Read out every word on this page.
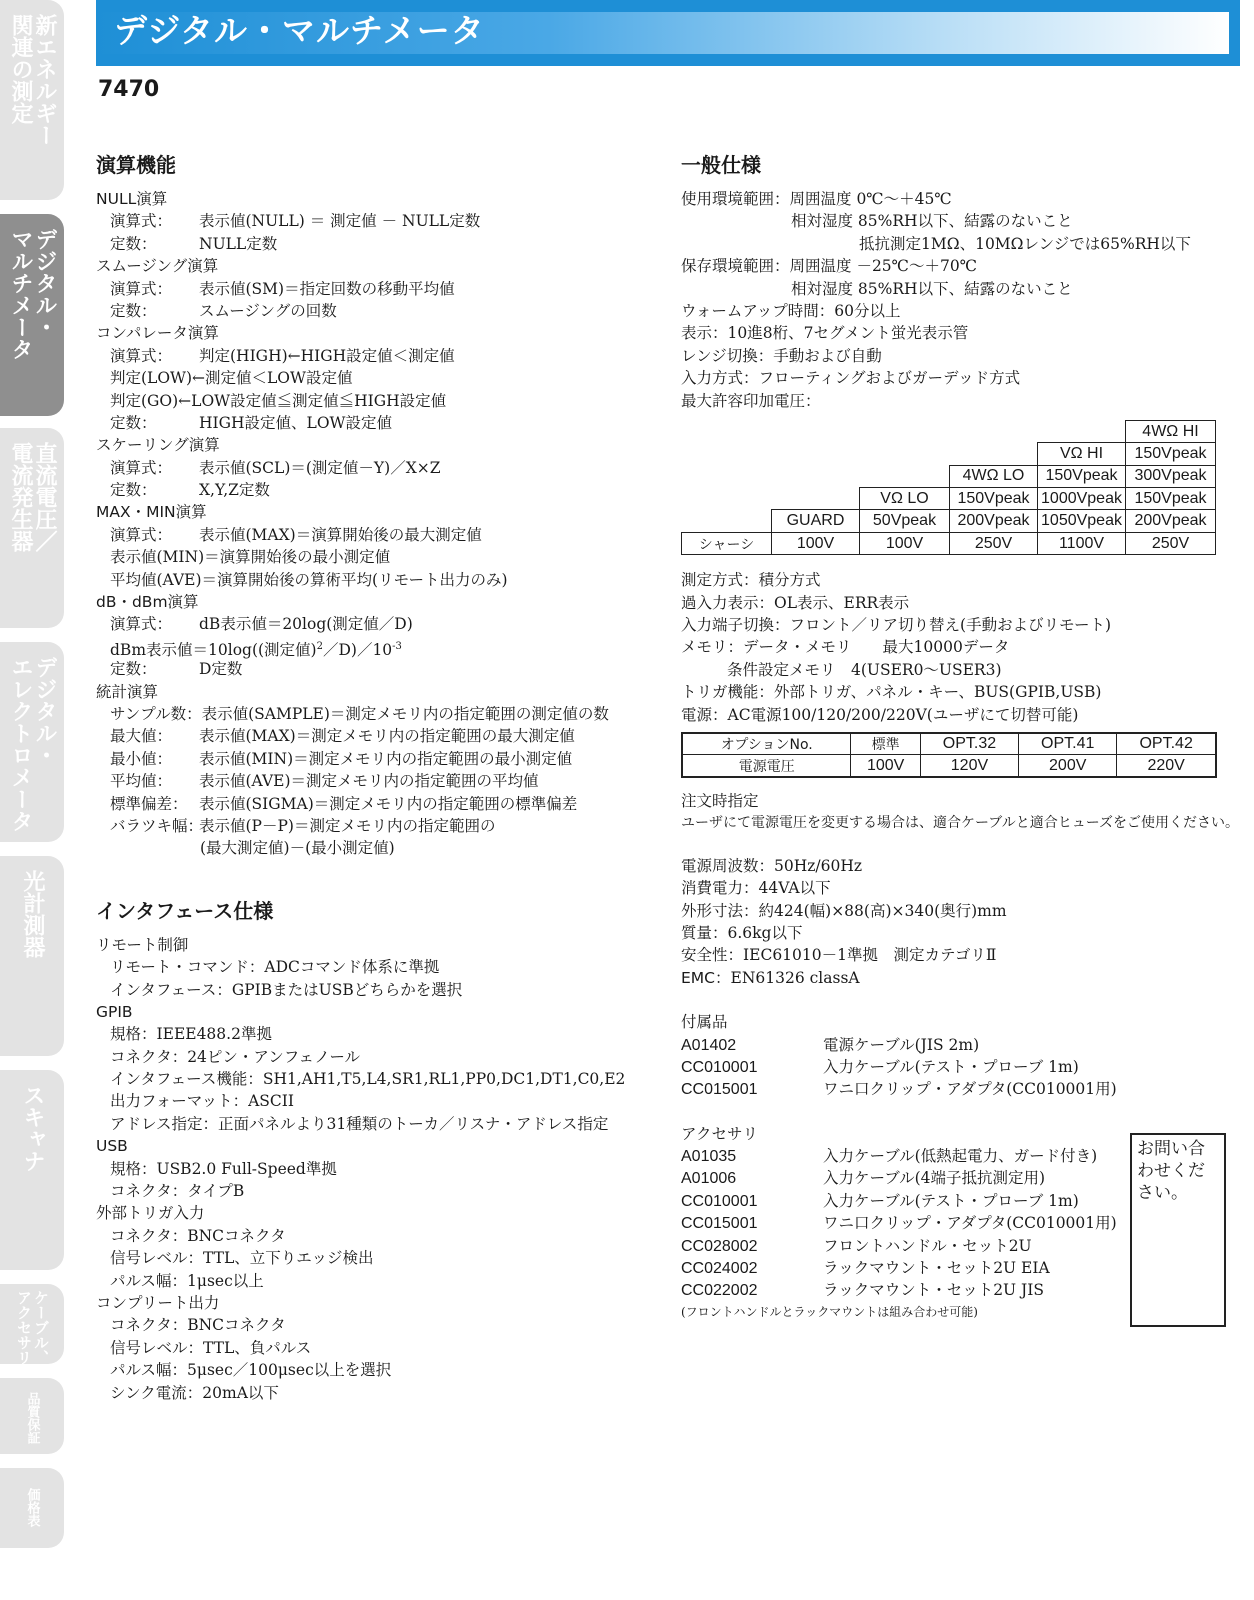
新エネルギー
関連の測定
デジタル・
マルチメータ
直流電圧／
電流発生器
デジタル・
エレクトロメータ
光計測器
スキャナ
ケーブル、
アクセサリ
品質保証
価格表
デジタル・マルチメータ
7470
演算機能
NULL演算
演算式： 表示値(NULL) ＝ 測定値 － NULL定数
定数：	NULL定数
スムージング演算
演算式： 表示値(SM)＝指定回数の移動平均値
定数：	スムージングの回数
コンパレータ演算
演算式： 判定(HIGH)←HIGH設定値＜測定値
判定(LOW)←測定値＜LOW設定値
判定(GO)←LOW設定値≦測定値≦HIGH設定値
定数：	HIGH設定値、LOW設定値
スケーリング演算
演算式： 表示値(SCL)＝(測定値－Y)／X×Z
定数：	X,Y,Z定数
MAX・MIN演算
演算式： 表示値(MAX)＝演算開始後の最大測定値
表示値(MIN)＝演算開始後の最小測定値
平均値(AVE)＝演算開始後の算術平均(リモート出力のみ)
dB・dBm演算
演算式： dB表示値＝20log(測定値／D)
dBm表示値＝10log((測定値)$^2/D)/10^{-3}$
定数：	D定数
統計演算
サンプル数：表示値(SAMPLE)＝測定メモリ内の指定範囲の測定値の数
最大値： 表示値(MAX)＝測定メモリ内の指定範囲の最大測定値
最小値： 表示値(MIN)＝測定メモリ内の指定範囲の最小測定値
平均値： 表示値(AVE)＝測定メモリ内の指定範囲の平均値
標準偏差： 表示値(SIGMA)＝測定メモリ内の指定範囲の標準偏差
バラツキ幅：表示値(P－P)＝測定メモリ内の指定範囲の
(最大測定値)－(最小測定値)
インタフェース仕様
リモート制御
リモート・コマンド：ADCコマンド体系に準拠
インタフェース：GPIBまたはUSBどちらかを選択
GPIB
規格：IEEE488.2準拠
コネクタ：24ピン・アンフェノール
インタフェース機能：SH1,AH1,T5,L4,SR1,RL1,PP0,DC1,DT1,C0,E2
出力フォーマット：ASCII
アドレス指定：正面パネルより31種類のトーカ／リスナ・アドレス指定
USB
規格：USB2.0 Full-Speed準拠
コネクタ：タイプB
外部トリガ入力
コネクタ：BNCコネクタ
信号レベル：TTL、立下りエッジ検出
パルス幅：1μsec以上
コンプリート出力
コネクタ：BNCコネクタ
信号レベル：TTL、負パルス
パルス幅：5μsec／100μsec以上を選択
シンク電流：20mA以下
一般仕様
使用環境範囲：周囲温度 0℃～＋45℃
相対湿度 85%RH以下、結露のないこと
抵抗測定1MΩ、10MΩレンジでは65%RH以下
保存環境範囲：周囲温度 －25℃～＋70℃
相対湿度 85%RH以下、結露のないこと
ウォームアップ時間：60分以上
表示：10進8桁、7セグメント蛍光表示管
レンジ切換：手動および自動
入力方式：フローティングおよびガーデッド方式
最大許容印加電圧：
					4WΩ HI
				VΩ HI	150Vpeak
			4WΩ LO	150Vpeak	300Vpeak
		VΩ LO	150Vpeak	1000Vpeak	150Vpeak
	GUARD	50Vpeak	200Vpeak	1050Vpeak	200Vpeak
シャーシ	100V	100V	250V	1100V	250V
測定方式：積分方式
過入力表示：OL表示、ERR表示
入力端子切換：フロント／リア切り替え(手動およびリモート)
メモリ：データ・メモリ　　最大10000データ
条件設定メモリ　4(USER0～USER3)
トリガ機能：外部トリガ、パネル・キー、BUS(GPIB,USB)
電源：AC電源100/120/200/220V(ユーザにて切替可能)
オプションNo.	標準	OPT.32	OPT.41	OPT.42
電源電圧	100V	120V	200V	220V
注文時指定
ユーザにて電源電圧を変更する場合は、適合ケーブルと適合ヒューズをご使用ください。
電源周波数：50Hz/60Hz
消費電力：44VA以下
外形寸法：約424(幅)×88(高)×340(奥行)mm
質量：6.6kg以下
安全性：IEC61010－1準拠　測定カテゴリⅡ
EMC：EN61326 classA
付属品
A01402	電源ケーブル(JIS 2m)
CC010001	入力ケーブル(テスト・プローブ 1m)
CC015001	ワニ口クリップ・アダプタ(CC010001用)
アクセサリ
A01035	入力ケーブル(低熱起電力、ガード付き)
A01006	入力ケーブル(4端子抵抗測定用)
CC010001	入力ケーブル(テスト・プローブ 1m)
CC015001	ワニ口クリップ・アダプタ(CC010001用)
CC028002	フロントハンドル・セット2U
CC024002	ラックマウント・セット2U EIA
CC022002	ラックマウント・セット2U JIS
(フロントハンドルとラックマウントは組み合わせ可能)
お問い合わせください。
